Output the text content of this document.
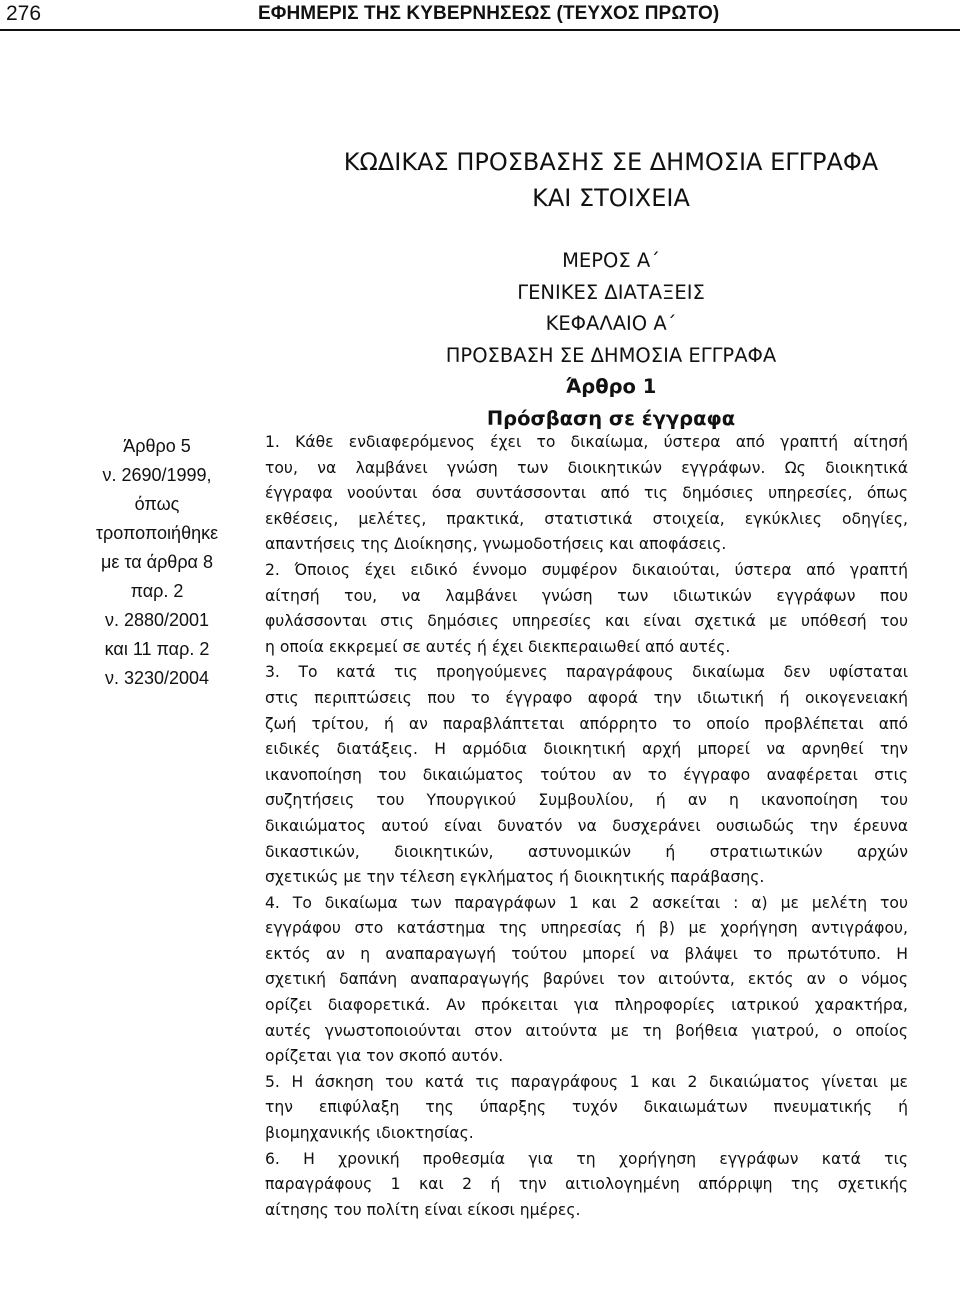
276	ΕΦΗΜΕΡΙΣ ΤΗΣ ΚΥΒΕΡΝΗΣΕΩΣ (ΤΕΥΧΟΣ ΠΡΩΤΟ)
ΚΩΔΙΚΑΣ ΠΡΟΣΒΑΣΗΣ ΣΕ ΔΗΜΟΣΙΑ ΕΓΓΡΑΦΑ
ΚΑΙ ΣΤΟΙΧΕΙΑ
ΜΕΡΟΣ Α΄
ΓΕΝΙΚΕΣ ΔΙΑΤΑΞΕΙΣ
ΚΕΦΑΛΑΙΟ Α΄
ΠΡΟΣΒΑΣΗ ΣΕ ΔΗΜΟΣΙΑ ΕΓΓΡΑΦΑ
Άρθρο 1
Πρόσβαση σε έγγραφα
Άρθρο 5
ν. 2690/1999,
όπως
τροποποιήθηκε
με τα άρθρα 8
παρ. 2
ν. 2880/2001
και 11 παρ. 2
ν. 3230/2004
1. Κάθε ενδιαφερόμενος έχει το δικαίωμα, ύστερα από γραπτή αίτησή
του, να λαμβάνει γνώση των διοικητικών εγγράφων. Ως διοικητικά
έγγραφα νοούνται όσα συντάσσονται από τις δημόσιες υπηρεσίες, όπως
εκθέσεις, μελέτες, πρακτικά, στατιστικά στοιχεία, εγκύκλιες οδηγίες,
απαντήσεις της Διοίκησης, γνωμοδοτήσεις και αποφάσεις.
2. Όποιος έχει ειδικό έννομο συμφέρον δικαιούται, ύστερα από γραπτή
αίτησή του, να λαμβάνει γνώση των ιδιωτικών εγγράφων που
φυλάσσονται στις δημόσιες υπηρεσίες και είναι σχετικά με υπόθεσή του
η οποία εκκρεμεί σε αυτές ή έχει διεκπεραιωθεί από αυτές.
3. Το κατά τις προηγούμενες παραγράφους δικαίωμα δεν υφίσταται
στις περιπτώσεις που το έγγραφο αφορά την ιδιωτική ή οικογενειακή
ζωή τρίτου, ή αν παραβλάπτεται απόρρητο το οποίο προβλέπεται από
ειδικές διατάξεις. Η αρμόδια διοικητική αρχή μπορεί να αρνηθεί την
ικανοποίηση του δικαιώματος τούτου αν το έγγραφο αναφέρεται στις
συζητήσεις του Υπουργικού Συμβουλίου, ή αν η ικανοποίηση του
δικαιώματος αυτού είναι δυνατόν να δυσχεράνει ουσιωδώς την έρευνα
δικαστικών, διοικητικών, αστυνομικών ή στρατιωτικών αρχών
σχετικώς με την τέλεση εγκλήματος ή διοικητικής παράβασης.
4. Το δικαίωμα των παραγράφων 1 και 2 ασκείται : α) με μελέτη του
εγγράφου στο κατάστημα της υπηρεσίας ή β) με χορήγηση αντιγράφου,
εκτός αν η αναπαραγωγή τούτου μπορεί να βλάψει το πρωτότυπο. Η
σχετική δαπάνη αναπαραγωγής βαρύνει τον αιτούντα, εκτός αν ο νόμος
ορίζει διαφορετικά. Αν πρόκειται για πληροφορίες ιατρικού χαρακτήρα,
αυτές γνωστοποιούνται στον αιτούντα με τη βοήθεια γιατρού, ο οποίος
ορίζεται για τον σκοπό αυτόν.
5. Η άσκηση του κατά τις παραγράφους 1 και 2 δικαιώματος γίνεται με
την επιφύλαξη της ύπαρξης τυχόν δικαιωμάτων πνευματικής ή
βιομηχανικής ιδιοκτησίας.
6. Η χρονική προθεσμία για τη χορήγηση εγγράφων κατά τις
παραγράφους 1 και 2 ή την αιτιολογημένη απόρριψη της σχετικής
αίτησης του πολίτη είναι είκοσι ημέρες.
